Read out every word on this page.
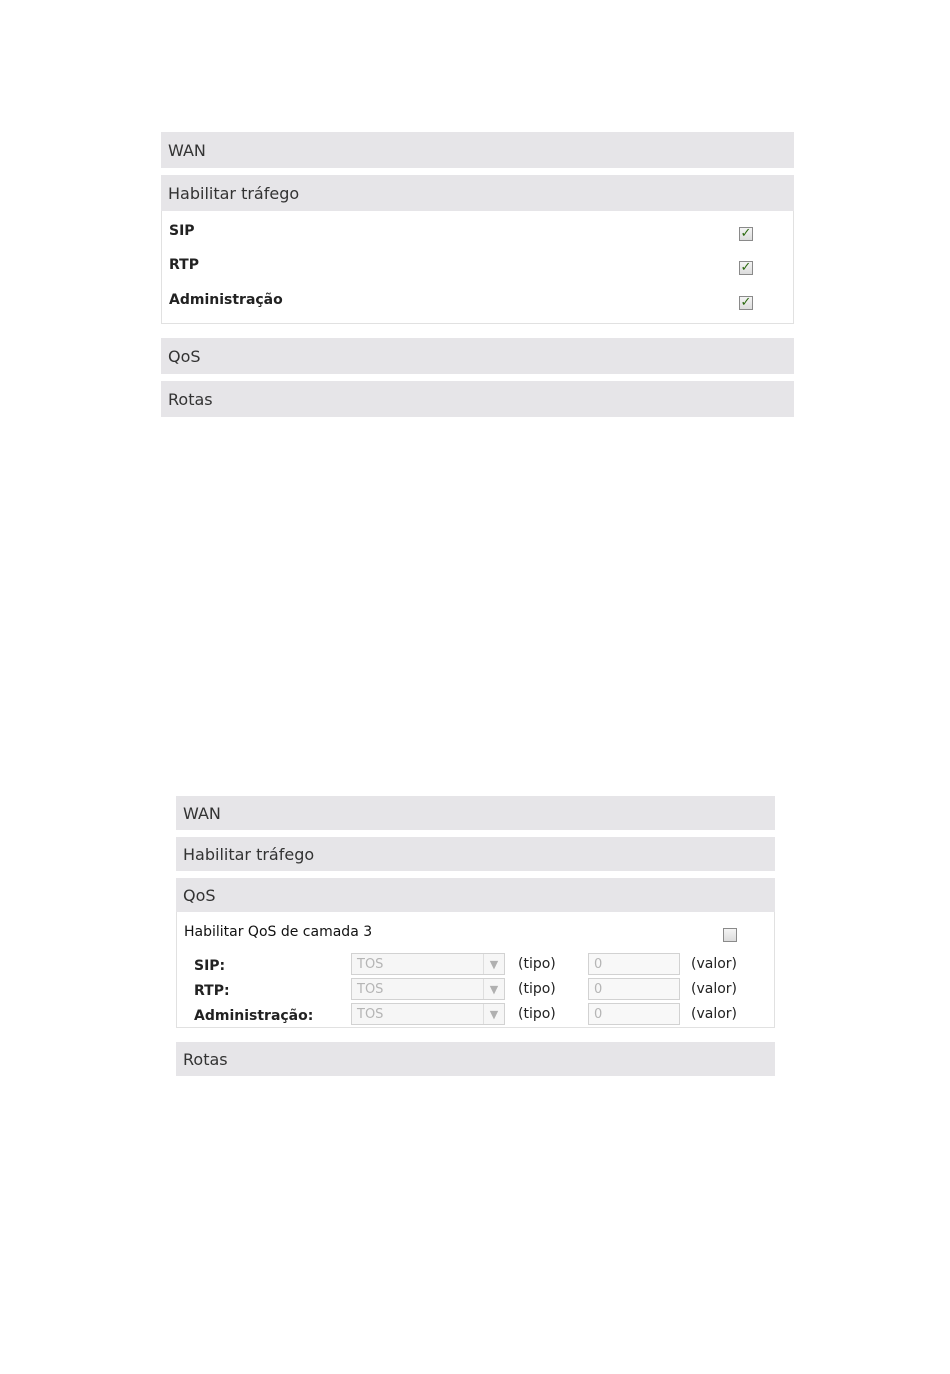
WAN
Habilitar tráfego
SIP	✓
RTP	✓
Administração	✓
QoS
Rotas
WAN
Habilitar tráfego
QoS
Habilitar QoS de camada 3
SIP:	TOS	▼	(tipo)	0	(valor)
RTP:	TOS	▼	(tipo)	0	(valor)
Administração:	TOS	▼	(tipo)	0	(valor)
Rotas
